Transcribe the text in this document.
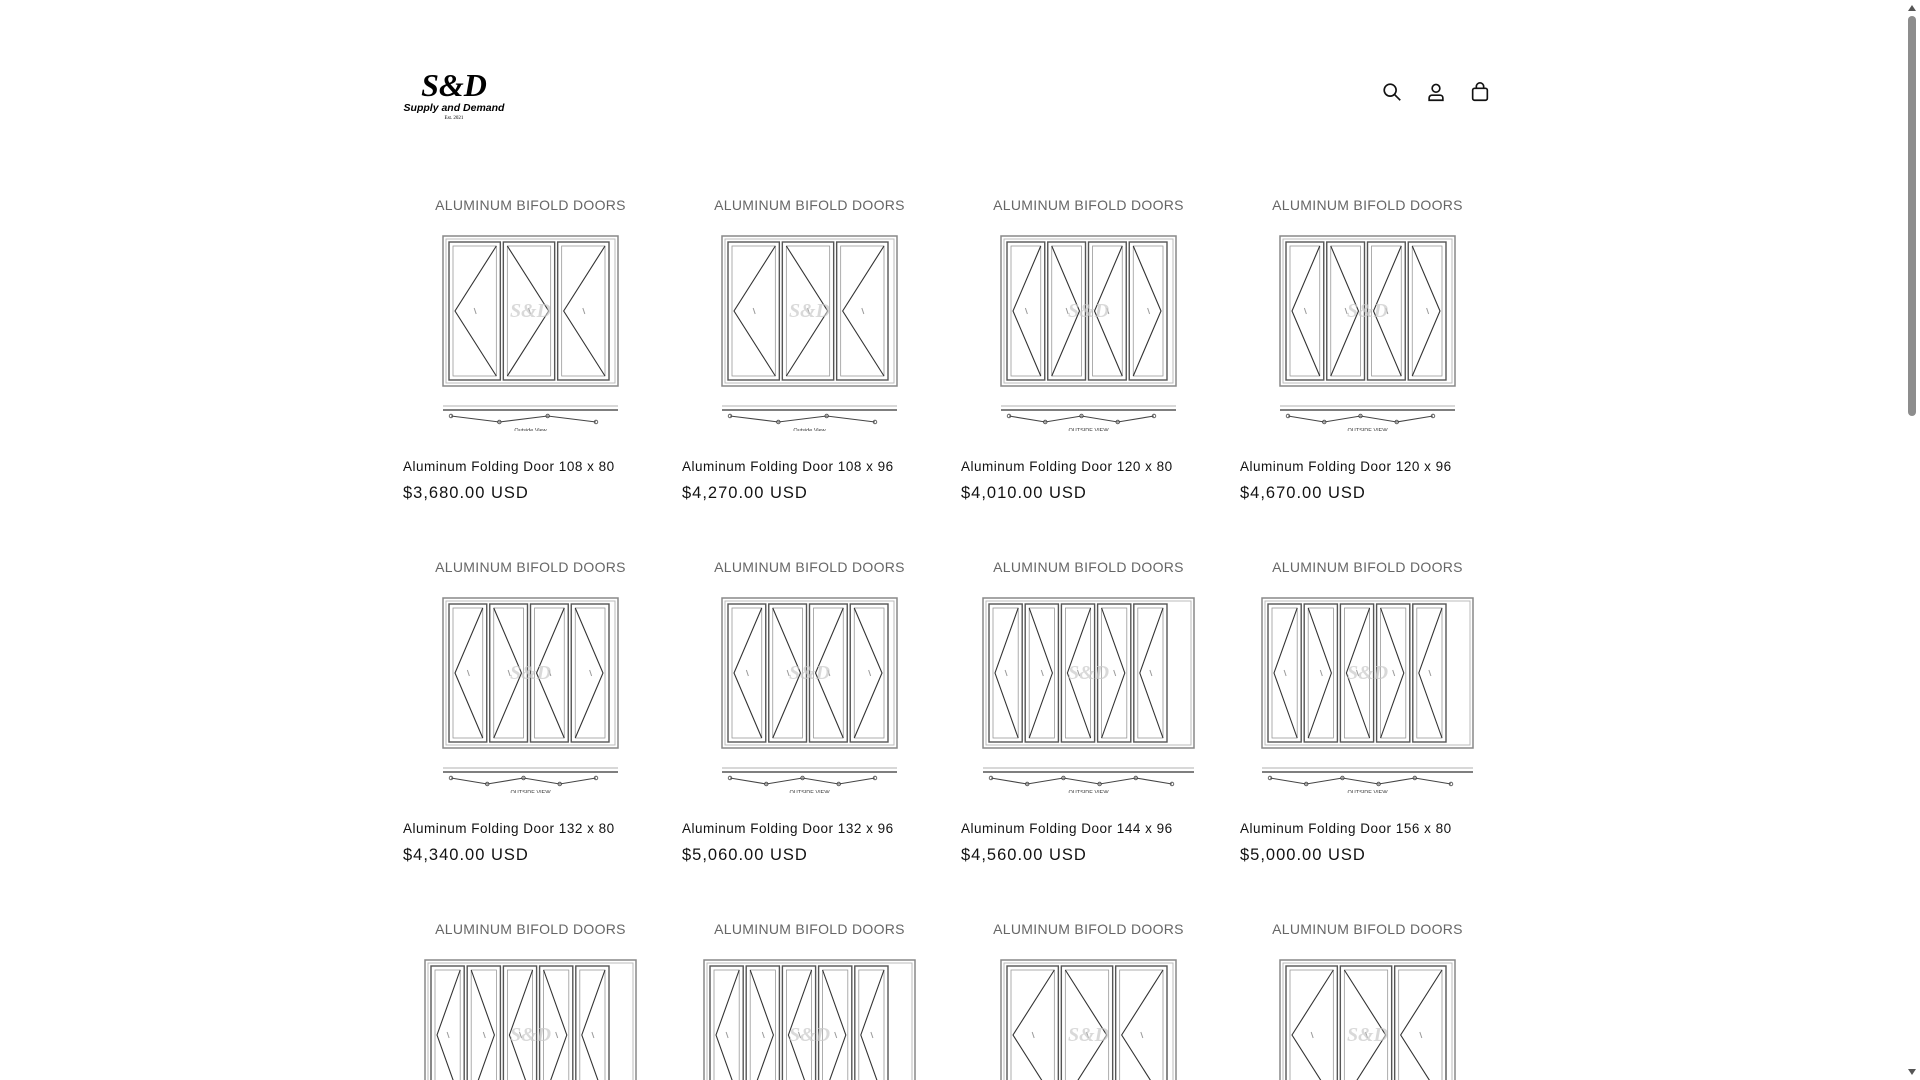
S&D
Supply and Demand
Est. 2021
ALUMINUM BIFOLD DOORS
S&D
Outside View
Aluminum Folding Door 108 x 80
$3,680.00 USD
ALUMINUM BIFOLD DOORS
S&D
Outside View
Aluminum Folding Door 108 x 96
$4,270.00 USD
ALUMINUM BIFOLD DOORS
S&D
OUTSIDE VIEW
Aluminum Folding Door 120 x 80
$4,010.00 USD
ALUMINUM BIFOLD DOORS
S&D
OUTSIDE VIEW
Aluminum Folding Door 120 x 96
$4,670.00 USD
ALUMINUM BIFOLD DOORS
S&D
OUTSIDE VIEW
Aluminum Folding Door 132 x 80
$4,340.00 USD
ALUMINUM BIFOLD DOORS
S&D
OUTSIDE VIEW
Aluminum Folding Door 132 x 96
$5,060.00 USD
ALUMINUM BIFOLD DOORS
S&D
OUTSIDE VIEW
Aluminum Folding Door 144 x 96
$4,560.00 USD
ALUMINUM BIFOLD DOORS
S&D
OUTSIDE VIEW
Aluminum Folding Door 156 x 80
$5,000.00 USD
ALUMINUM BIFOLD DOORS
S&D
ALUMINUM BIFOLD DOORS
S&D
ALUMINUM BIFOLD DOORS
S&D
ALUMINUM BIFOLD DOORS
S&D
